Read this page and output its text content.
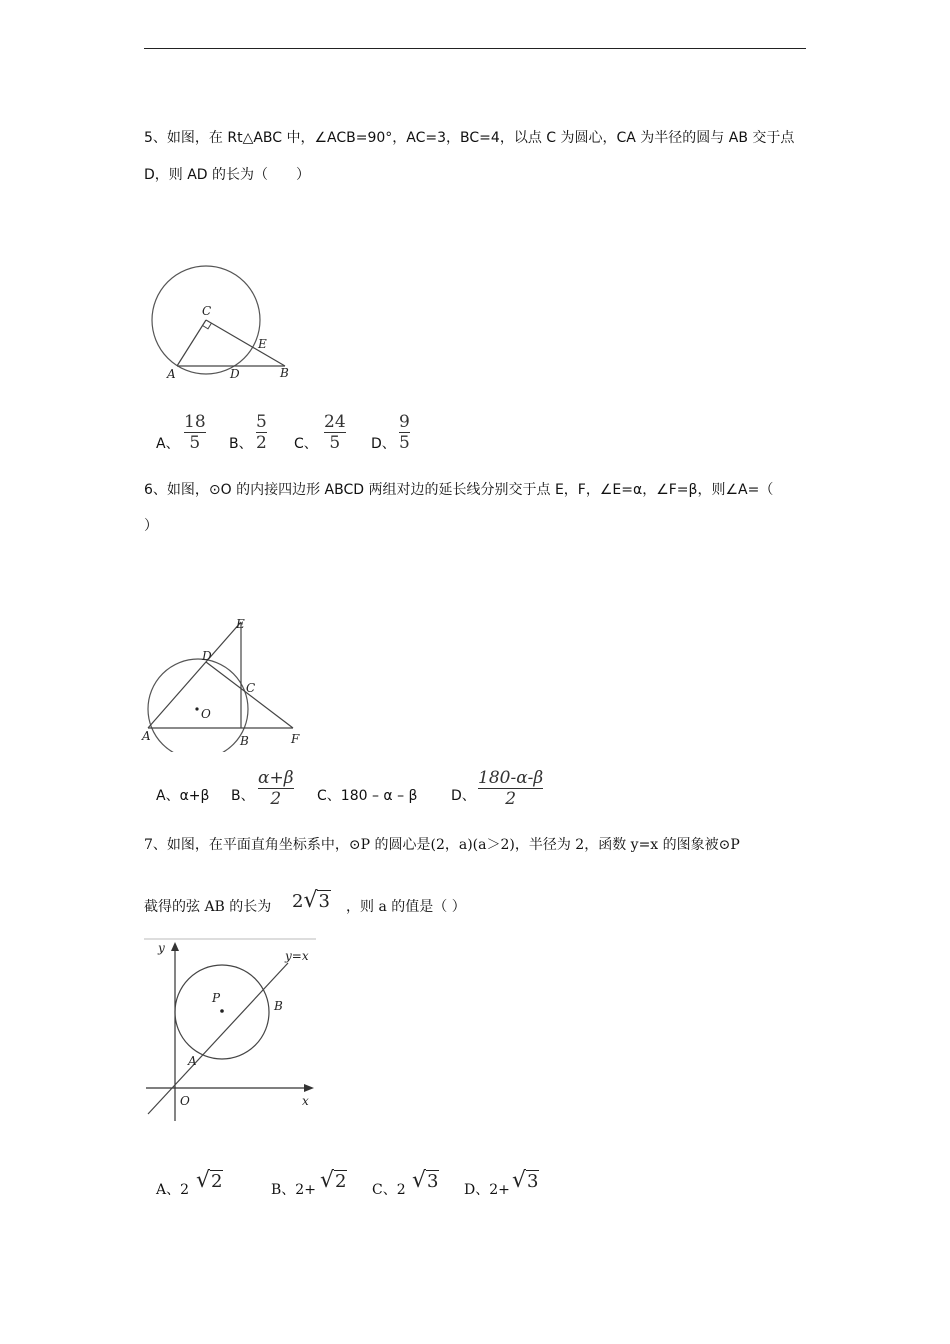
5、如图，在 Rt△ABC 中，∠ACB=90°，AC=3，BC=4，以点 C 为圆心，CA 为半径的圆与 AB 交于点
D，则 AD 的长为（　　）
C
E
A	D	B
A、
18
5 B、
5
2 C、
24
5 D、
9
5
6、如图，⊙O 的内接四边形 ABCD 两组对边的延长线分别交于点 E，F，∠E=α，∠F=β，则∠A=（
）
E
D
C
O
A	B	F
A、α+β B、
α+β
2	C、180 – α – β D、
180-α-β
2
7、如图，在平面直角坐标系中，⊙P 的圆心是(2，a)(a＞2)，半径为 2，函数 y=x 的图象被⊙P
截得的弦 AB 的长为 2√3 ，则 a 的值是（ ）
y
y=x
P
B
A
O	x
A、2 √2	B、2+ √2 C、2 √3 D、2+ √3
